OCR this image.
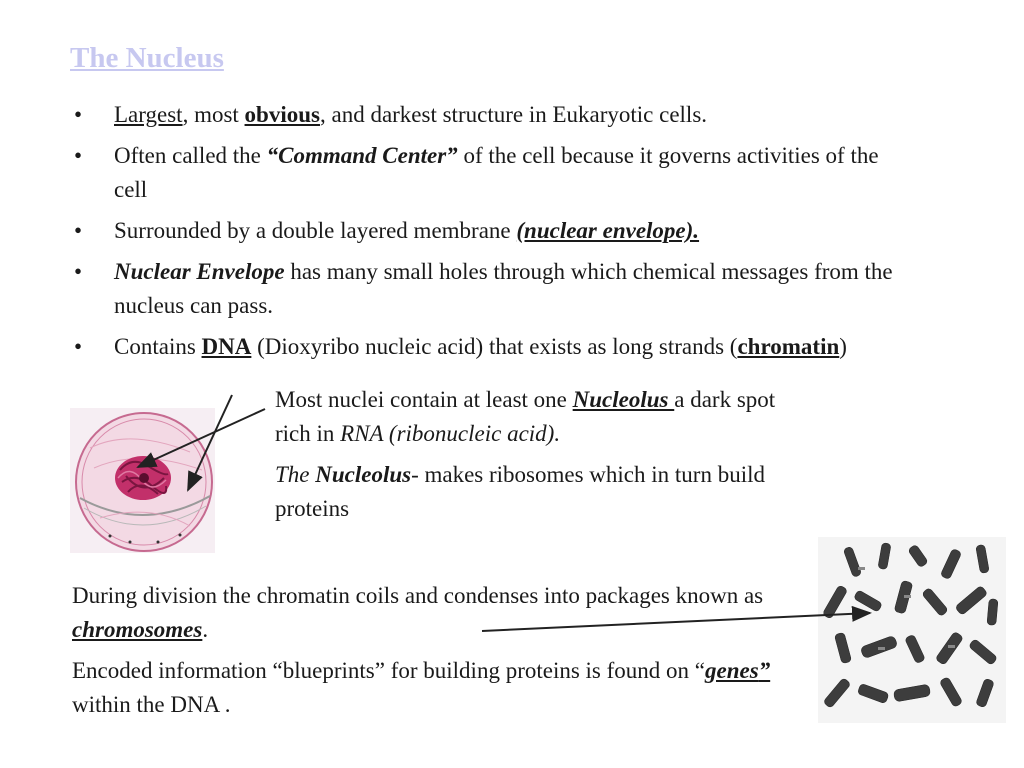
The Nucleus
• Largest, most obvious, and darkest structure in Eukaryotic cells.
• Often called the “Command Center” of the cell because it governs activities of the cell
• Surrounded by a double layered membrane (nuclear envelope).
• Nuclear Envelope has many small holes through which chemical messages from the nucleus can pass.
• Contains DNA (Dioxyribo nucleic acid) that exists as long strands (chromatin)

Most nuclei contain at least one Nucleolus a dark spot rich in RNA (ribonucleic acid).

The Nucleolus- makes ribosomes which in turn build proteins

During division the chromatin coils and condenses into packages known as chromosomes.

Encoded information “blueprints” for building proteins is found on “genes” within the DNA .
